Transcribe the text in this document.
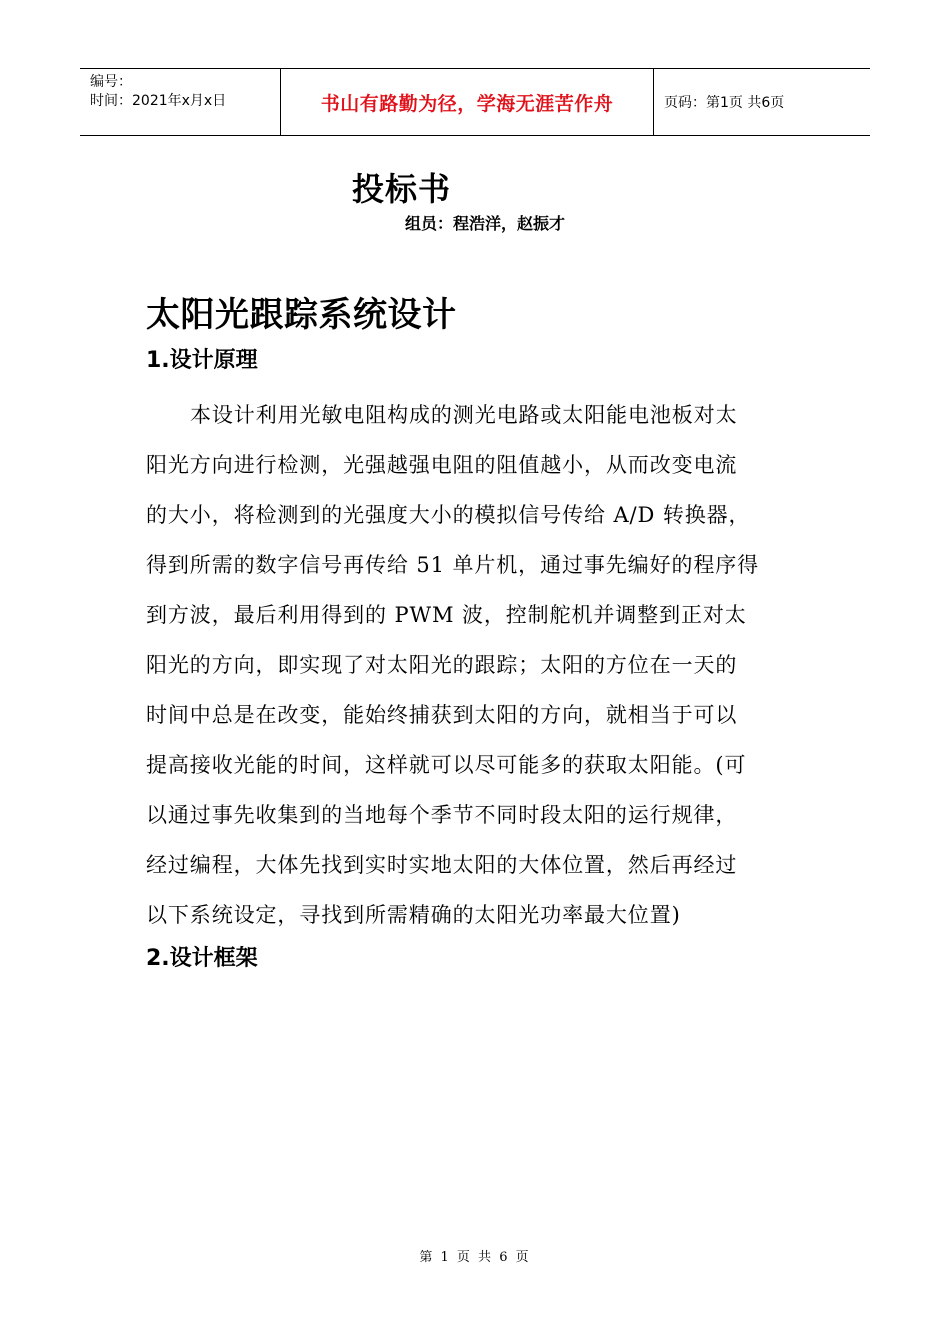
编号：
时间：2021年x月x日	书山有路勤为径，学海无涯苦作舟	页码：第1页 共6页
投标书
组员：程浩洋，赵振才
太阳光跟踪系统设计
1.设计原理
本设计利用光敏电阻构成的测光电路或太阳能电池板对太
阳光方向进行检测，光强越强电阻的阻值越小，从而改变电流
的大小，将检测到的光强度大小的模拟信号传给 A/D 转换器，
得到所需的数字信号再传给 51 单片机，通过事先编好的程序得
到方波，最后利用得到的 PWM 波，控制舵机并调整到正对太
阳光的方向，即实现了对太阳光的跟踪；太阳的方位在一天的
时间中总是在改变，能始终捕获到太阳的方向，就相当于可以
提高接收光能的时间，这样就可以尽可能多的获取太阳能。(可
以通过事先收集到的当地每个季节不同时段太阳的运行规律，
经过编程，大体先找到实时实地太阳的大体位置，然后再经过
以下系统设定，寻找到所需精确的太阳光功率最大位置)
2.设计框架
第 1 页 共 6 页
